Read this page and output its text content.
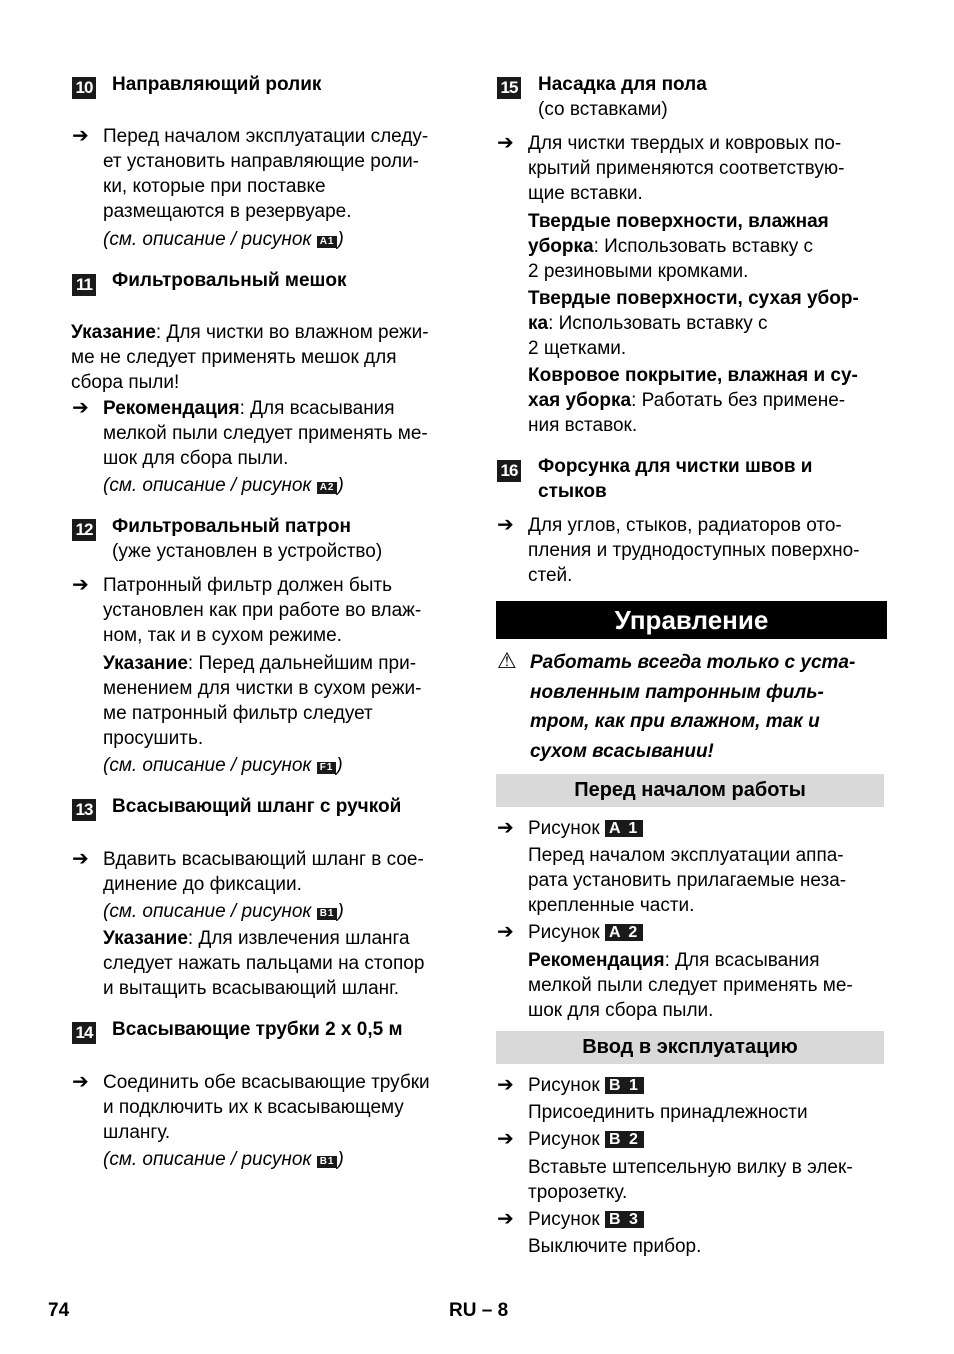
10 Направляющий ролик
➔ Перед началом эксплуатации следу-
ет установить направляющие роли-
ки, которые при поставке
размещаются в резервуаре.
(см. описание / рисунок A1 )
11 Фильтровальный мешок
Указание: Для чистки во влажном режи-
ме не следует применять мешок для
сбора пыли!
➔ Рекомендация: Для всасывания
мелкой пыли следует применять ме-
шок для сбора пыли.
(см. описание / рисунок A2 )
12 Фильтровальный патрон
(уже установлен в устройство)
➔ Патронный фильтр должен быть
установлен как при работе во влаж-
ном, так и в сухом режиме.
Указание: Перед дальнейшим при-
менением для чистки в сухом режи-
ме патронный фильтр следует
просушить.
(см. описание / рисунок F1 )
13 Всасывающий шланг с ручкой
➔ Вдавить всасывающий шланг в сое-
динение до фиксации.
(см. описание / рисунок B1 )
Указание: Для извлечения шланга
следует нажать пальцами на стопор
и вытащить всасывающий шланг.
14 Всасывающие трубки 2 х 0,5 м
➔ Соединить обе всасывающие трубки
и подключить их к всасывающему
шлангу.
(см. описание / рисунок B1 )
15 Насадка для пола
(со вставками)
➔ Для чистки твердых и ковровых по-
крытий применяются соответствую-
щие вставки.
Твердые поверхности, влажная
уборка: Использовать вставку с
2 резиновыми кромками.
Твердые поверхности, сухая убор-
ка: Использовать вставку с
2 щетками.
Ковровое покрытие, влажная и су-
хая уборка: Работать без примене-
ния вставок.
16 Форсунка для чистки швов и
стыков
➔ Для углов, стыков, радиаторов ото-
пления и труднодоступных поверхно-
стей.
Управление
⚠ Работать всегда только с уста-
новленным патронным филь-
тром, как при влажном, так и
сухом всасывании!
Перед началом работы
➔ Рисунок A 1
Перед началом эксплуатации аппа-
рата установить прилагаемые неза-
крепленные части.
➔ Рисунок A 2
Рекомендация: Для всасывания
мелкой пыли следует применять ме-
шок для сбора пыли.
Ввод в эксплуатацию
➔ Рисунок B 1
Присоединить принадлежности
➔ Рисунок B 2
Вставьте штепсельную вилку в элек-
тророзетку.
➔ Рисунок B 3
Выключите прибор.
74	RU – 8
